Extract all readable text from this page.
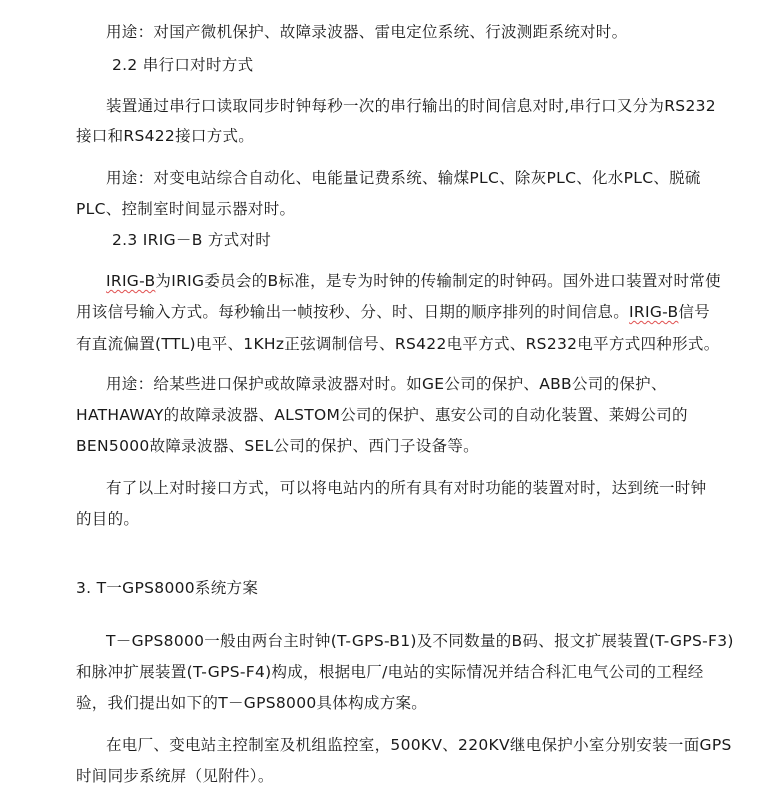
用途：对国产微机保护、故障录波器、雷电定位系统、行波测距系统对时。
2.2 串行口对时方式
装置通过串行口读取同步时钟每秒一次的串行输出的时间信息对时,串行口又分为RS232
接口和RS422接口方式。
用途：对变电站综合自动化、电能量记费系统、输煤PLC、除灰PLC、化水PLC、脱硫
PLC、控制室时间显示器对时。
2.3 IRIG－B 方式对时
IRIG-B为IRIG委员会的B标准，是专为时钟的传输制定的时钟码。国外进口装置对时常使
用该信号输入方式。每秒输出一帧按秒、分、时、日期的顺序排列的时间信息。IRIG-B信号
有直流偏置(TTL)电平、1KHz正弦调制信号、RS422电平方式、RS232电平方式四种形式。
用途：给某些进口保护或故障录波器对时。如GE公司的保护、ABB公司的保护、
HATHAWAY的故障录波器、ALSTOM公司的保护、惠安公司的自动化装置、莱姆公司的
BEN5000故障录波器、SEL公司的保护、西门子设备等。
有了以上对时接口方式，可以将电站内的所有具有对时功能的装置对时，达到统一时钟
的目的。
3. T一GPS8000系统方案
T－GPS8000一般由两台主时钟(T-GPS-B1)及不同数量的B码、报文扩展装置(T-GPS-F3)
和脉冲扩展装置(T-GPS-F4)构成，根据电厂/电站的实际情况并结合科汇电气公司的工程经
验，我们提出如下的T－GPS8000具体构成方案。
在电厂、变电站主控制室及机组监控室，500KV、220KV继电保护小室分别安装一面GPS
时间同步系统屏（见附件）。
